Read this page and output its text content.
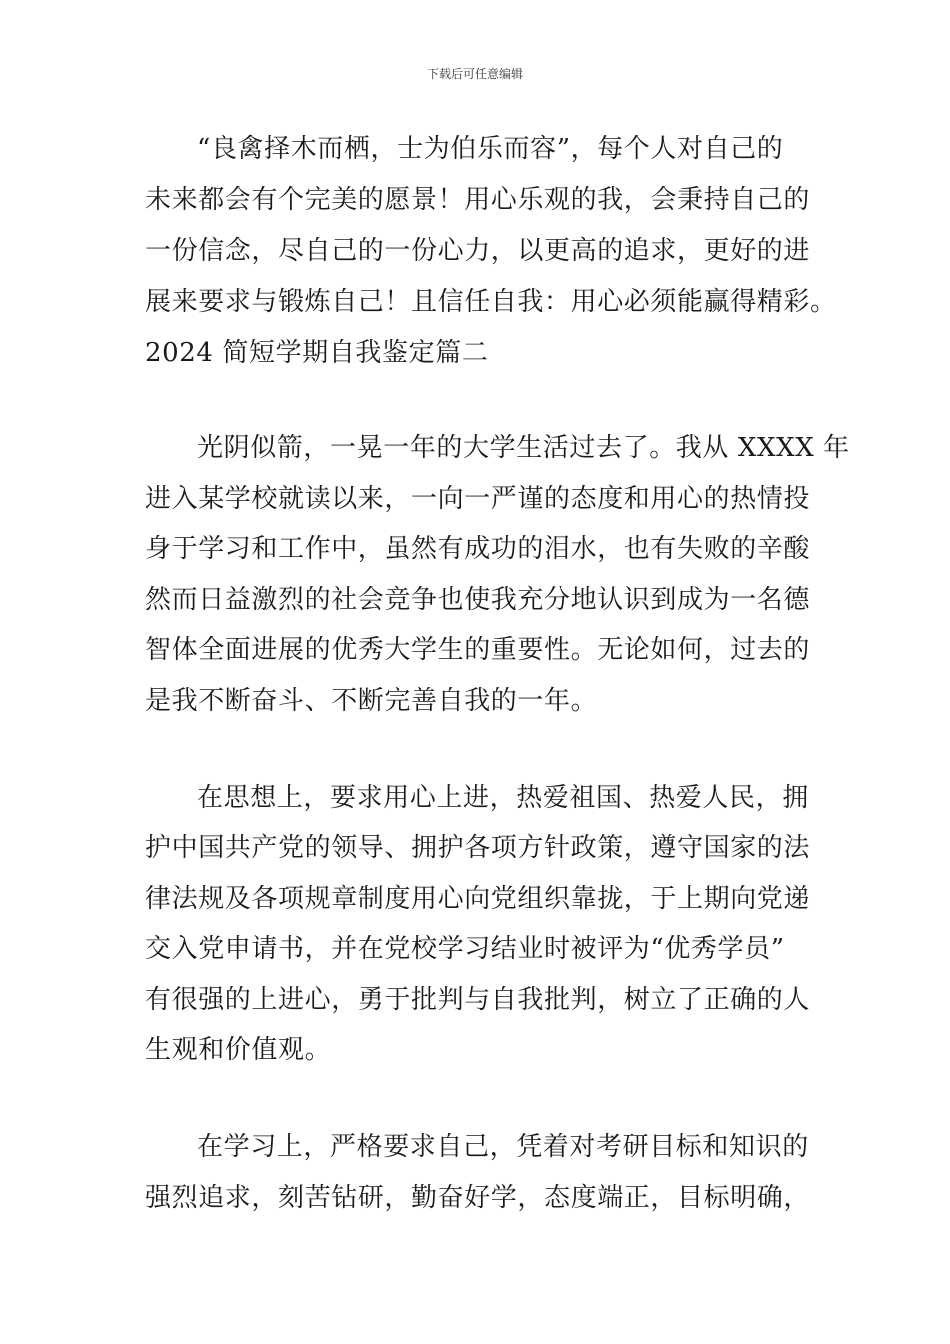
下载后可任意编辑
“良禽择木而栖，士为伯乐而容”，每个人对自己的
未来都会有个完美的愿景！用心乐观的我，会秉持自己的
一份信念，尽自己的一份心力，以更高的追求，更好的进
展来要求与锻炼自己！且信任自我：用心必须能赢得精彩。
2024 简短学期自我鉴定篇二
光阴似箭，一晃一年的大学生活过去了。我从 XXXX 年
进入某学校就读以来，一向一严谨的态度和用心的热情投
身于学习和工作中，虽然有成功的泪水，也有失败的辛酸
然而日益激烈的社会竞争也使我充分地认识到成为一名德
智体全面进展的优秀大学生的重要性。无论如何，过去的
是我不断奋斗、不断完善自我的一年。
在思想上，要求用心上进，热爱祖国、热爱人民，拥
护中国共产党的领导、拥护各项方针政策，遵守国家的法
律法规及各项规章制度用心向党组织靠拢，于上期向党递
交入党申请书，并在党校学习结业时被评为“优秀学员”
有很强的上进心，勇于批判与自我批判，树立了正确的人
生观和价值观。
在学习上，严格要求自己，凭着对考研目标和知识的
强烈追求，刻苦钻研，勤奋好学，态度端正，目标明确，
